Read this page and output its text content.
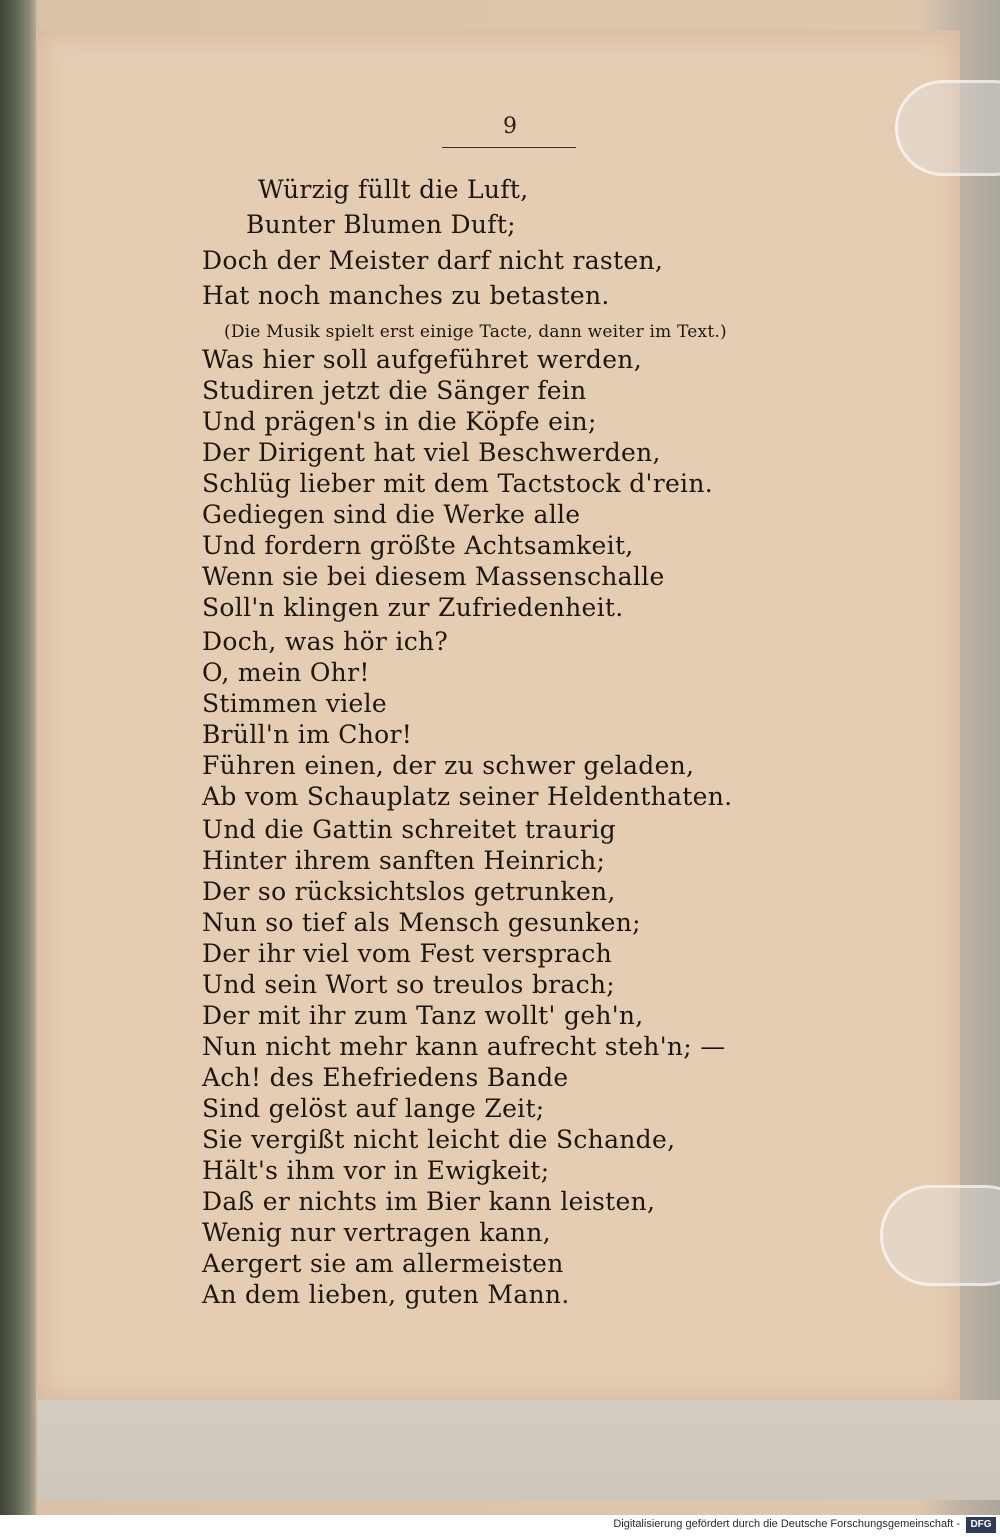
9
Würzig füllt die Luft,
Bunter Blumen Duft;
Doch der Meister darf nicht rasten,
Hat noch manches zu betasten.
(Die Musik spielt erst einige Tacte, dann weiter im Text.)
Was hier soll aufgeführet werden,
Studiren jetzt die Sänger fein
Und prägen's in die Köpfe ein;
Der Dirigent hat viel Beschwerden,
Schlüg lieber mit dem Tactstock d'rein.
Gediegen sind die Werke alle
Und fordern größte Achtsamkeit,
Wenn sie bei diesem Massenschalle
Soll'n klingen zur Zufriedenheit.
Doch, was hör ich?
O, mein Ohr!
Stimmen viele
Brüll'n im Chor!
Führen einen, der zu schwer geladen,
Ab vom Schauplatz seiner Heldenthaten.
Und die Gattin schreitet traurig
Hinter ihrem sanften Heinrich;
Der so rücksichtslos getrunken,
Nun so tief als Mensch gesunken;
Der ihr viel vom Fest versprach
Und sein Wort so treulos brach;
Der mit ihr zum Tanz wollt' geh'n,
Nun nicht mehr kann aufrecht steh'n; —
Ach! des Ehefriedens Bande
Sind gelöst auf lange Zeit;
Sie vergißt nicht leicht die Schande,
Hält's ihm vor in Ewigkeit;
Daß er nichts im Bier kann leisten,
Wenig nur vertragen kann,
Aergert sie am allermeisten
An dem lieben, guten Mann.
Digitalisierung gefördert durch die Deutsche Forschungsgemeinschaft -	DFG
